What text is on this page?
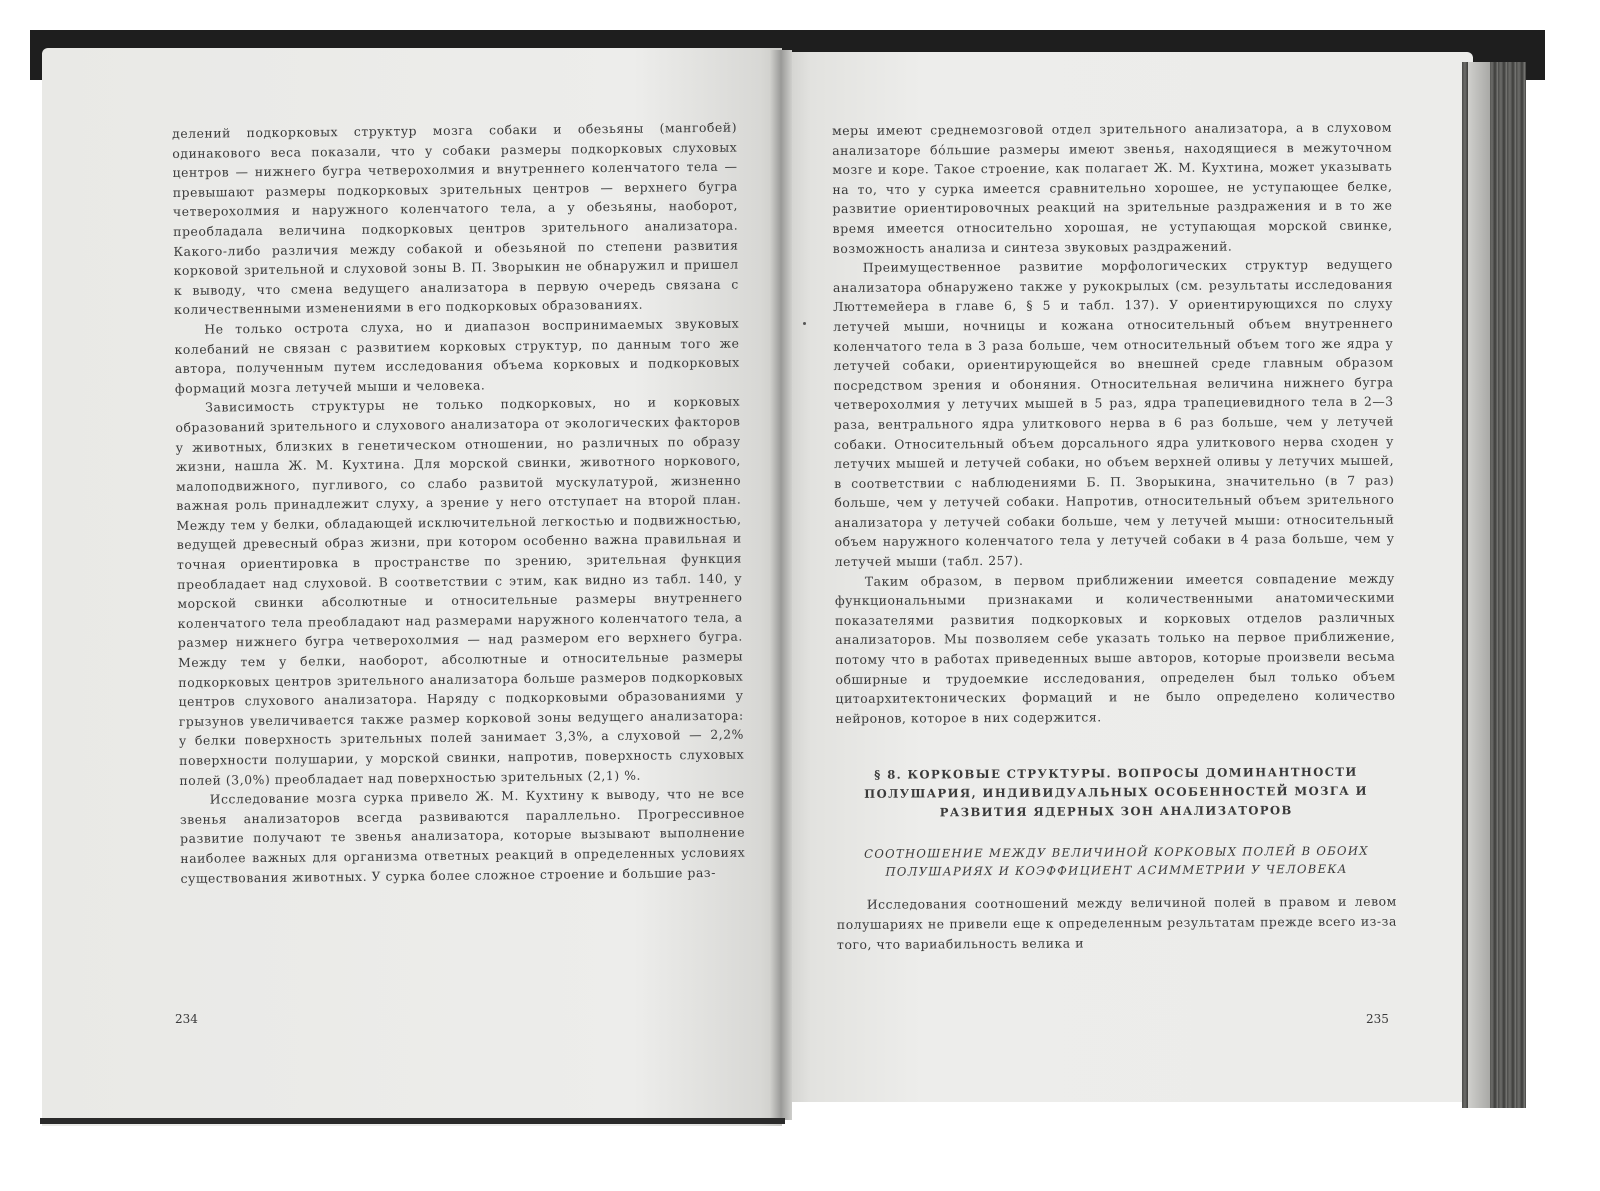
делений подкорковых структур мозга собаки и обезьяны (мангобей) одинакового веса показали, что у собаки размеры подкорковых слуховых центров — нижнего бугра четверохолмия и внутреннего коленчатого тела — превышают размеры подкорковых зрительных центров — верхнего бугра четверохолмия и наружного коленчатого тела, а у обезьяны, наоборот, преобладала величина подкорковых центров зрительного анализатора. Какого-либо различия между собакой и обезьяной по степени развития корковой зрительной и слуховой зоны В. П. Зворыкин не обнаружил и пришел к выводу, что смена ведущего анализатора в первую очередь связана с количественными изменениями в его подкорковых образованиях.

Не только острота слуха, но и диапазон воспринимаемых звуковых колебаний не связан с развитием корковых структур, по данным того же автора, полученным путем исследования объема корковых и подкорковых формаций мозга летучей мыши и человека.

Зависимость структуры не только подкорковых, но и корковых образований зрительного и слухового анализатора от экологических факторов у животных, близких в генетическом отношении, но различных по образу жизни, нашла Ж. М. Кухтина. Для морской свинки, животного норкового, малоподвижного, пугливого, со слабо развитой мускулатурой, жизненно важная роль принадлежит слуху, а зрение у него отступает на второй план. Между тем у белки, обладающей исключительной легкостью и подвижностью, ведущей древесный образ жизни, при котором особенно важна правильная и точная ориентировка в пространстве по зрению, зрительная функция преобладает над слуховой. В соответствии с этим, как видно из табл. 140, у морской свинки абсолютные и относительные размеры внутреннего коленчатого тела преобладают над размерами наружного коленчатого тела, а размер нижнего бугра четверохолмия — над размером его верхнего бугра. Между тем у белки, наоборот, абсолютные и относительные размеры подкорковых центров зрительного анализатора больше размеров подкорковых центров слухового анализатора. Наряду с подкорковыми образованиями у грызунов увеличивается также размер корковой зоны ведущего анализатора: у белки поверхность зрительных полей занимает 3,3%, а слуховой — 2,2% поверхности полушарии, у морской свинки, напротив, поверхность слуховых полей (3,0%) преобладает над поверхностью зрительных (2,1) %.

Исследование мозга сурка привело Ж. М. Кухтину к выводу, что не все звенья анализаторов всегда развиваются параллельно. Прогрессивное развитие получают те звенья анализатора, которые вызывают выполнение наиболее важных для организма ответных реакций в определенных условиях существования животных. У сурка более сложное строение и большие раз-

меры имеют среднемозговой отдел зрительного анализатора, а в слуховом анализаторе бóльшие размеры имеют звенья, находящиеся в межуточном мозге и коре. Такое строение, как полагает Ж. М. Кухтина, может указывать на то, что у сурка имеется сравнительно хорошее, не уступающее белке, развитие ориентировочных реакций на зрительные раздражения и в то же время имеется относительно хорошая, не уступающая морской свинке, возможность анализа и синтеза звуковых раздражений.

Преимущественное развитие морфологических структур ведущего анализатора обнаружено также у рукокрылых (см. результаты исследования Люттемейера в главе 6, § 5 и табл. 137). У ориентирующихся по слуху летучей мыши, ночницы и кожана относительный объем внутреннего коленчатого тела в 3 раза больше, чем относительный объем того же ядра у летучей собаки, ориентирующейся во внешней среде главным образом посредством зрения и обоняния. Относительная величина нижнего бугра четверохолмия у летучих мышей в 5 раз, ядра трапециевидного тела в 2—3 раза, вентрального ядра улиткового нерва в 6 раз больше, чем у летучей собаки. Относительный объем дорсального ядра улиткового нерва сходен у летучих мышей и летучей собаки, но объем верхней оливы у летучих мышей, в соответствии с наблюдениями Б. П. Зворыкина, значительно (в 7 раз) больше, чем у летучей собаки. Напротив, относительный объем зрительного анализатора у летучей собаки больше, чем у летучей мыши: относительный объем наружного коленчатого тела у летучей собаки в 4 раза больше, чем у летучей мыши (табл. 257).

Таким образом, в первом приближении имеется совпадение между функциональными признаками и количественными анатомическими показателями развития подкорковых и корковых отделов различных анализаторов. Мы позволяем себе указать только на первое приближение, потому что в работах приведенных выше авторов, которые произвели весьма обширные и трудоемкие исследования, определен был только объем цитоархитектонических формаций и не было определено количество нейронов, которое в них содержится.

§ 8. КОРКОВЫЕ СТРУКТУРЫ. ВОПРОСЫ ДОМИНАНТНОСТИ ПОЛУШАРИЯ, ИНДИВИДУАЛЬНЫХ ОСОБЕННОСТЕЙ МОЗГА И РАЗВИТИЯ ЯДЕРНЫХ ЗОН АНАЛИЗАТОРОВ
СООТНОШЕНИЕ МЕЖДУ ВЕЛИЧИНОЙ КОРКОВЫХ ПОЛЕЙ В ОБОИХ ПОЛУШАРИЯХ И КОЭФФИЦИЕНТ АСИММЕТРИИ У ЧЕЛОВЕКА

Исследования соотношений между величиной полей в правом и левом полушариях не привели еще к определенным результатам прежде всего из-за того, что вариабильность велика и

234	235
